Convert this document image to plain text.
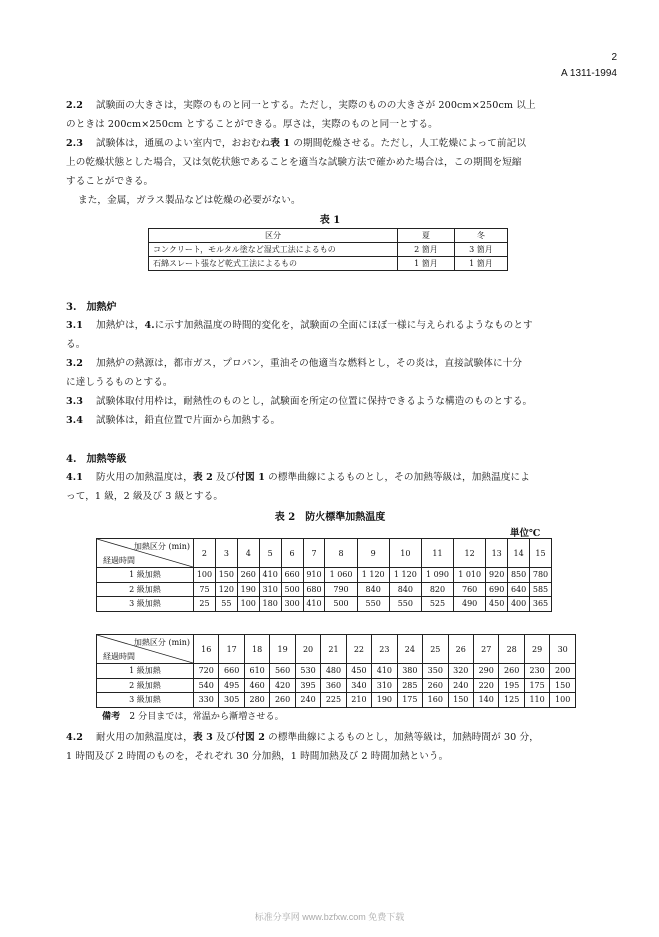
2
A 1311-1994
2.2 試験面の大きさは，実際のものと同一とする。ただし，実際のものの大きさが 200cm×250cm 以上
のときは 200cm×250cm とすることができる。厚さは，実際のものと同一とする。
2.3 試験体は，通風のよい室内で，おおむね表 1 の期間乾燥させる。ただし，人工乾燥によって前記以
上の乾燥状態とした場合，又は気乾状態であることを適当な試験方法で確かめた場合は，この期間を短縮
することができる。
また，金属，ガラス製品などは乾燥の必要がない。
表 1
区分	夏	冬
コンクリート，モルタル塗など湿式工法によるもの	2 箇月	3 箇月
石綿スレート張など乾式工法によるもの	1 箇月	1 箇月
3.　加熱炉
3.1 加熱炉は，4.に示す加熱温度の時間的変化を，試験面の全面にほぼ一様に与えられるようなものとす
る。
3.2 加熱炉の熱源は，都市ガス，プロパン，重油その他適当な燃料とし，その炎は，直接試験体に十分
に達しうるものとする。
3.3 試験体取付用枠は，耐熱性のものとし，試験面を所定の位置に保持できるような構造のものとする。
3.4 試験体は，鉛直位置で片面から加熱する。
4.　加熱等級
4.1 防火用の加熱温度は，表 2 及び付図 1 の標準曲線によるものとし，その加熱等級は，加熱温度によ
って，1 級，2 級及び 3 級とする。
表 2　防火標準加熱温度
単位℃
加熱区分 (min)
経過時間	2	3	4	5	6	7	8	9	10	11	12	13	14	15
1 級加熱	100	150	260	410	660	910	1 060	1 120	1 120	1 090	1 010	920	850	780
2 級加熱	75	120	190	310	500	680	790	840	840	820	760	690	640	585
3 級加熱	25	55	100	180	300	410	500	550	550	525	490	450	400	365
加熱区分 (min)
経過時間	16	17	18	19	20	21	22	23	24	25	26	27	28	29	30
1 級加熱	720	660	610	560	530	480	450	410	380	350	320	290	260	230	200
2 級加熱	540	495	460	420	395	360	340	310	285	260	240	220	195	175	150
3 級加熱	330	305	280	260	240	225	210	190	175	160	150	140	125	110	100
備考　 2 分目までは，常温から漸増させる。
4.2 耐火用の加熱温度は，表 3 及び付図 2 の標準曲線によるものとし，加熱等級は，加熱時間が 30 分，
1 時間及び 2 時間のものを，それぞれ 30 分加熱，1 時間加熱及び 2 時間加熱という。
标准分享网 www.bzfxw.com 免费下载
